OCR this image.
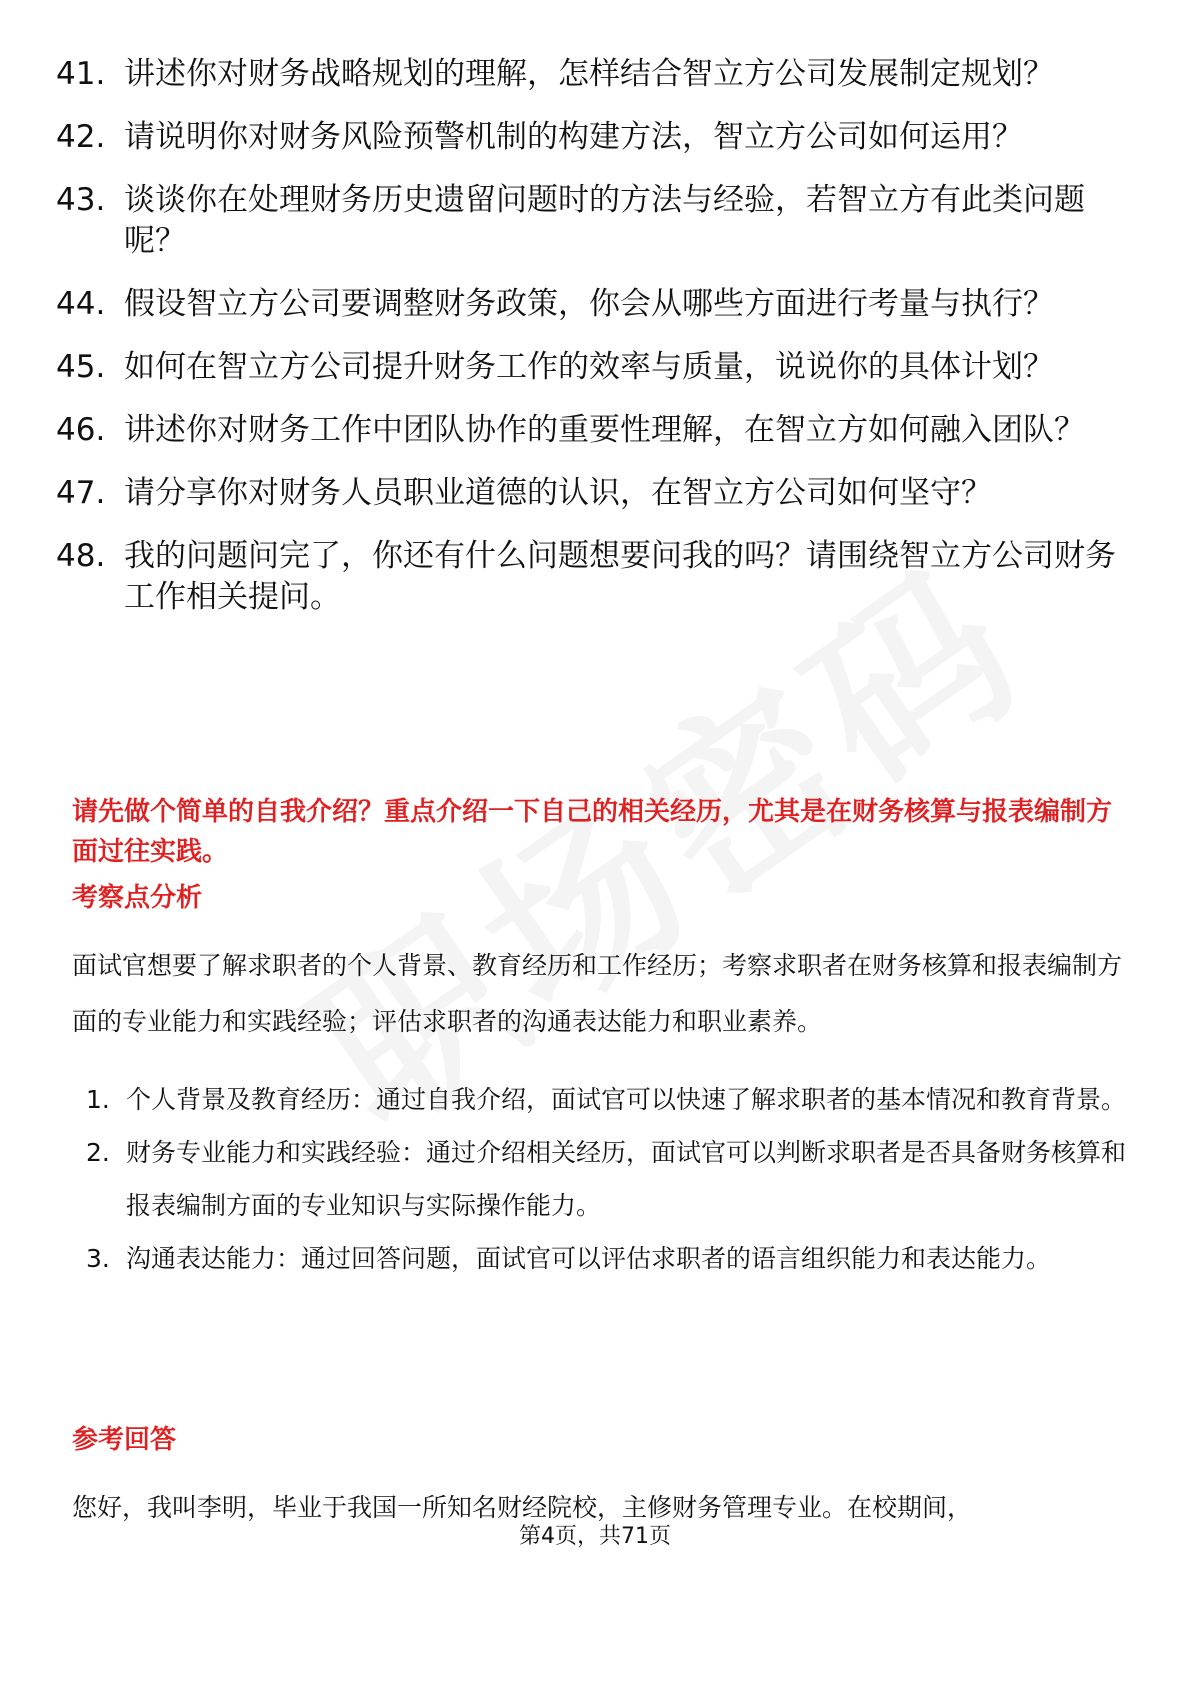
41. 讲述你对财务战略规划的理解，怎样结合智立方公司发展制定规划？
42. 请说明你对财务风险预警机制的构建方法，智立方公司如何运用？
43. 谈谈你在处理财务历史遗留问题时的方法与经验，若智立方有此类问题呢？
44. 假设智立方公司要调整财务政策，你会从哪些方面进行考量与执行？
45. 如何在智立方公司提升财务工作的效率与质量，说说你的具体计划？
46. 讲述你对财务工作中团队协作的重要性理解，在智立方如何融入团队？
47. 请分享你对财务人员职业道德的认识，在智立方公司如何坚守？
48. 我的问题问完了，你还有什么问题想要问我的吗？请围绕智立方公司财务工作相关提问。
请先做个简单的自我介绍？重点介绍一下自己的相关经历，尤其是在财务核算与报表编制方面过往实践。
考察点分析
面试官想要了解求职者的个人背景、教育经历和工作经历；考察求职者在财务核算和报表编制方面的专业能力和实践经验；评估求职者的沟通表达能力和职业素养。
1. 个人背景及教育经历：通过自我介绍，面试官可以快速了解求职者的基本情况和教育背景。
2. 财务专业能力和实践经验：通过介绍相关经历，面试官可以判断求职者是否具备财务核算和报表编制方面的专业知识与实际操作能力。
3. 沟通表达能力：通过回答问题，面试官可以评估求职者的语言组织能力和表达能力。
参考回答
您好，我叫李明，毕业于我国一所知名财经院校，主修财务管理专业。在校期间，
第4页，共71页
